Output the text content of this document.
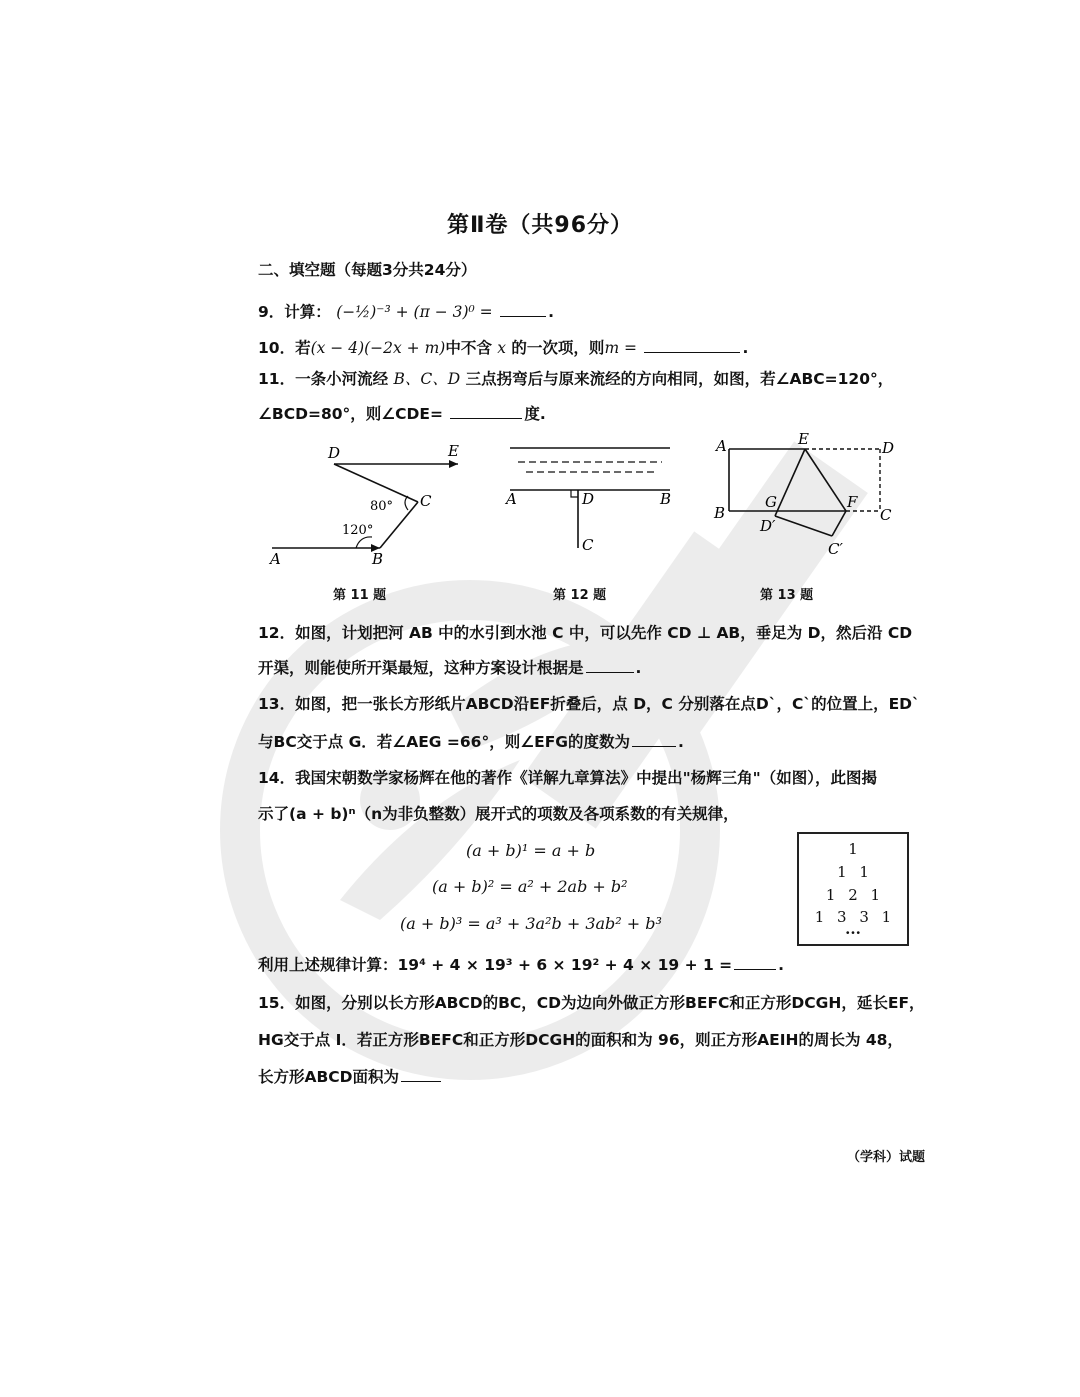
第Ⅱ卷（共96分）
二、填空题（每题3分共24分）
9．计算： (−½)⁻³ + (π − 3)⁰ =	.
10．若(x − 4)(−2x + m)中不含 x 的一次项，则m =	.
11．一条小河流经 B、C、D 三点拐弯后与原来流经的方向相同，如图，若∠ABC=120°，
∠BCD=80°，则∠CDE=	度.
D	E
C
A	B
80°
120°
第 11 题
A	D	B
C
第 12 题
A	E	D
G	F
B	C
D′
C′
第 13 题
12．如图，计划把河 AB 中的水引到水池 C 中，可以先作 CD ⊥ AB，垂足为 D，然后沿 CD
开渠，则能使所开渠最短，这种方案设计根据是	.
13．如图，把一张长方形纸片ABCD沿EF折叠后，点 D，C 分别落在点D`，C`的位置上，ED`
与BC交于点 G．若∠AEG =66°，则∠EFG的度数为	.
14．我国宋朝数学家杨辉在他的著作《详解九章算法》中提出"杨辉三角"（如图），此图揭
示了(a + b)ⁿ（n为非负整数）展开式的项数及各项系数的有关规律，
(a + b)¹ = a + b
(a + b)² = a² + 2ab + b²
(a + b)³ = a³ + 3a²b + 3ab² + b³
1
1 1
1 2 1
1 3 3 1
···
利用上述规律计算：19⁴ + 4 × 19³ + 6 × 19² + 4 × 19 + 1 =	.
15．如图，分别以长方形ABCD的BC，CD为边向外做正方形BEFC和正方形DCGH，延长EF，
HG交于点 I．若正方形BEFC和正方形DCGH的面积和为 96，则正方形AEIH的周长为 48，
长方形ABCD面积为
（学科）试题
